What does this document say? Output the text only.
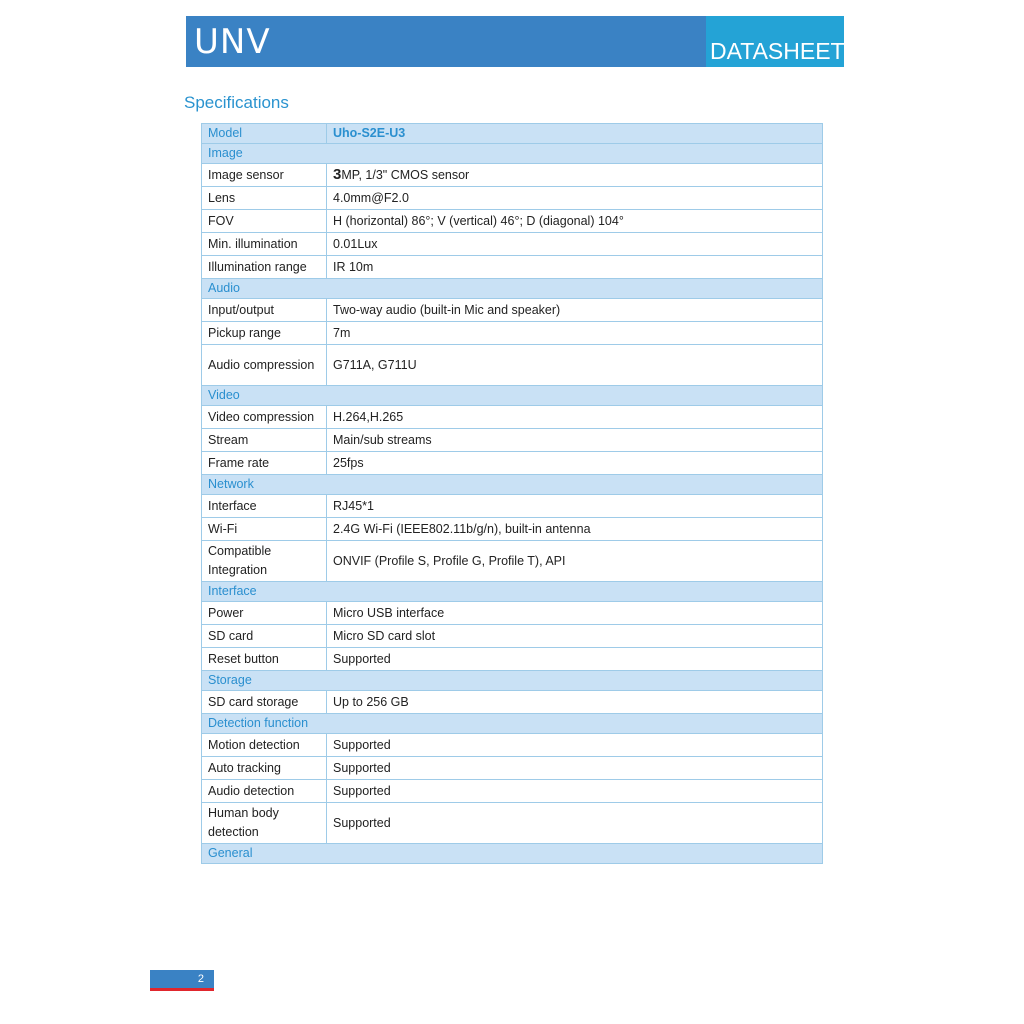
UNV	DATASHEET
Specifications
Model	Uho-S2E-U3
Image	
Image sensor	3MP, 1/3" CMOS sensor
Lens	4.0mm@F2.0
FOV	H (horizontal) 86°; V (vertical) 46°; D (diagonal) 104°
Min. illumination	0.01Lux
Illumination range	IR 10m
Audio	
Input/output	Two-way audio (built-in Mic and speaker)
Pickup range	7m
Audio compression	G711A, G711U
Video	
Video compression	H.264,H.265
Stream	Main/sub streams
Frame rate	25fps
Network	
Interface	RJ45*1
Wi-Fi	2.4G Wi-Fi (IEEE802.11b/g/n), built-in antenna
Compatible Integration	ONVIF (Profile S, Profile G, Profile T), API
Interface	
Power	Micro USB interface
SD card	Micro SD card slot
Reset button	Supported
Storage	
SD card storage	Up to 256 GB
Detection function	
Motion detection	Supported
Auto tracking	Supported
Audio detection	Supported
Human body detection	Supported
General	
2
